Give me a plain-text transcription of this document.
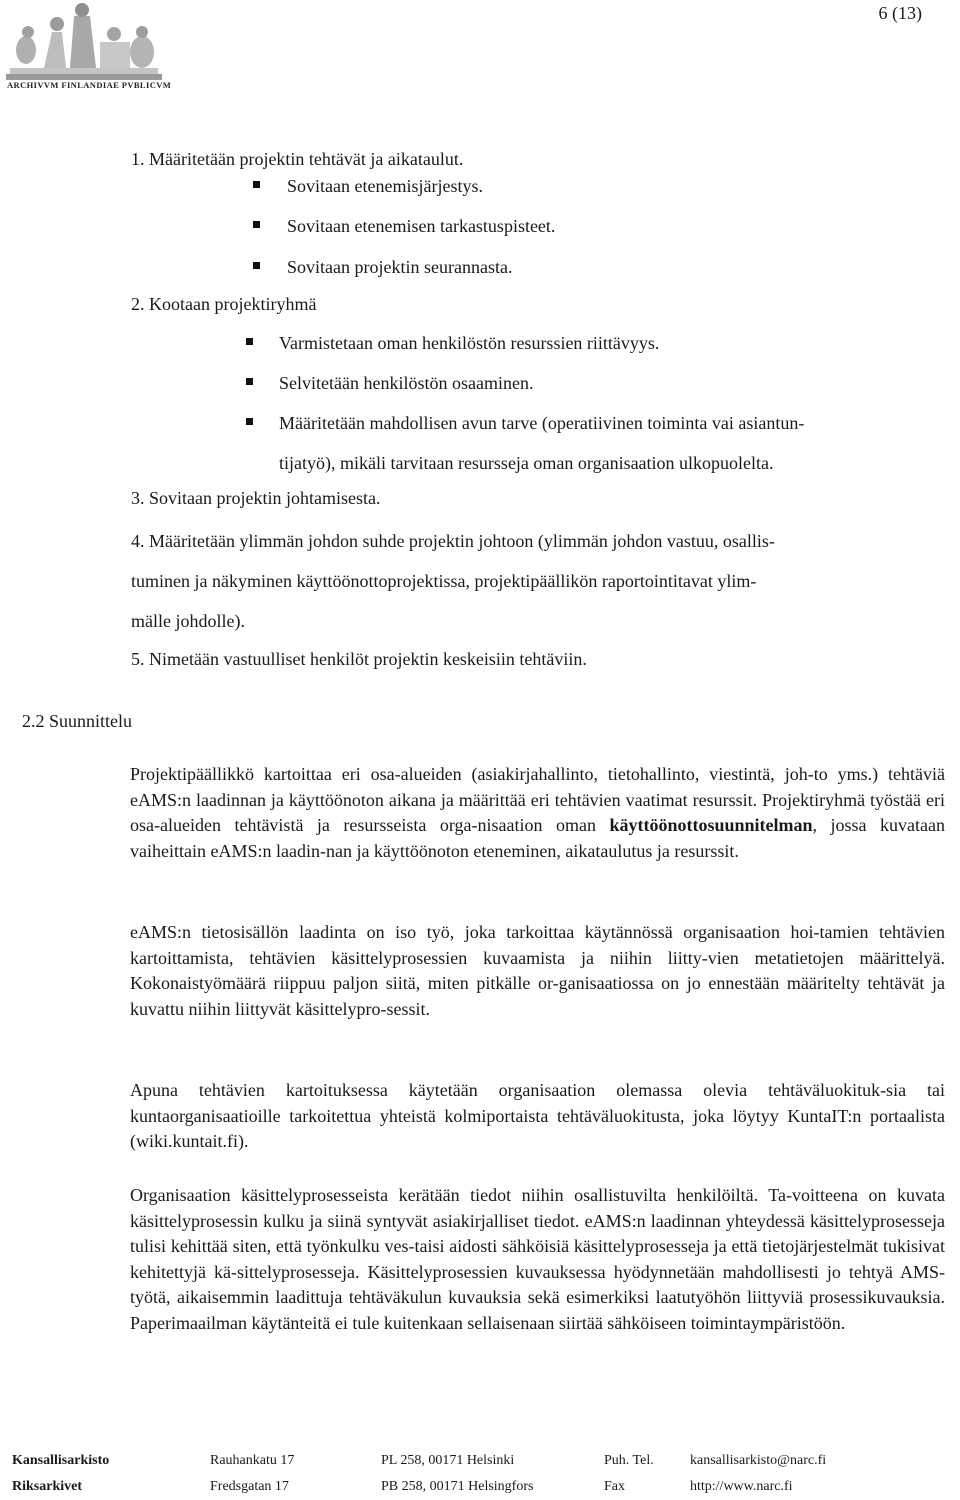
6 (13)
ARCHIVVM FINLANDIAE PVBLICVM
1. Määritetään projektin tehtävät ja aikataulut.
Sovitaan etenemisjärjestys.
Sovitaan etenemisen tarkastuspisteet.
Sovitaan projektin seurannasta.
2. Kootaan projektiryhmä
Varmistetaan oman henkilöstön resurssien riittävyys.
Selvitetään henkilöstön osaaminen.
Määritetään mahdollisen avun tarve (operatiivinen toiminta vai asiantun-
tijatyö), mikäli tarvitaan resursseja oman organisaation ulkopuolelta.
3. Sovitaan projektin johtamisesta.
4. Määritetään ylimmän johdon suhde projektin johtoon (ylimmän johdon vastuu, osallis-
tuminen ja näkyminen käyttöönottoprojektissa, projektipäällikön raportointitavat ylim-
mälle johdolle).
5. Nimetään vastuulliset henkilöt projektin keskeisiin tehtäviin.
2.2 Suunnittelu
Projektipäällikkö kartoittaa eri osa-alueiden (asiakirjahallinto, tietohallinto, viestintä, joh-to yms.) tehtäviä eAMS:n laadinnan ja käyttöönoton aikana ja määrittää eri tehtävien vaatimat resurssit. Projektiryhmä työstää eri osa-alueiden tehtävistä ja resursseista orga-nisaation oman käyttöönottosuunnitelman, jossa kuvataan vaiheittain eAMS:n laadin-nan ja käyttöönoton eteneminen, aikataulutus ja resurssit.
eAMS:n tietosisällön laadinta on iso työ, joka tarkoittaa käytännössä organisaation hoi-tamien tehtävien kartoittamista, tehtävien käsittelyprosessien kuvaamista ja niihin liitty-vien metatietojen määrittelyä. Kokonaistyömäärä riippuu paljon siitä, miten pitkälle or-ganisaatiossa on jo ennestään määritelty tehtävät ja kuvattu niihin liittyvät käsittelypro-sessit.
Apuna tehtävien kartoituksessa käytetään organisaation olemassa olevia tehtäväluokituk-sia tai kuntaorganisaatioille tarkoitettua yhteistä kolmiportaista tehtäväluokitusta, joka löytyy KuntaIT:n portaalista (wiki.kuntait.fi).
Organisaation käsittelyprosesseista kerätään tiedot niihin osallistuvilta henkilöiltä. Ta-voitteena on kuvata käsittelyprosessin kulku ja siinä syntyvät asiakirjalliset tiedot. eAMS:n laadinnan yhteydessä käsittelyprosesseja tulisi kehittää siten, että työnkulku ves-taisi aidosti sähköisiä käsittelyprosesseja ja että tietojärjestelmät tukisivat kehitettyjä kä-sittelyprosesseja. Käsittelyprosessien kuvauksessa hyödynnetään mahdollisesti jo tehtyä AMS-työtä, aikaisemmin laadittuja tehtäväkulun kuvauksia sekä esimerkiksi laatutyöhön liittyviä prosessikuvauksia. Paperimaailman käytänteitä ei tule kuitenkaan sellaisenaan siirtää sähköiseen toimintaympäristöön.
Kansallisarkisto	Rauhankatu 17	PL 258, 00171 Helsinki	Puh. Tel.	kansallisarkisto@narc.fi
Riksarkivet	Fredsgatan 17	PB 258, 00171 Helsingfors	Fax	http://www.narc.fi
